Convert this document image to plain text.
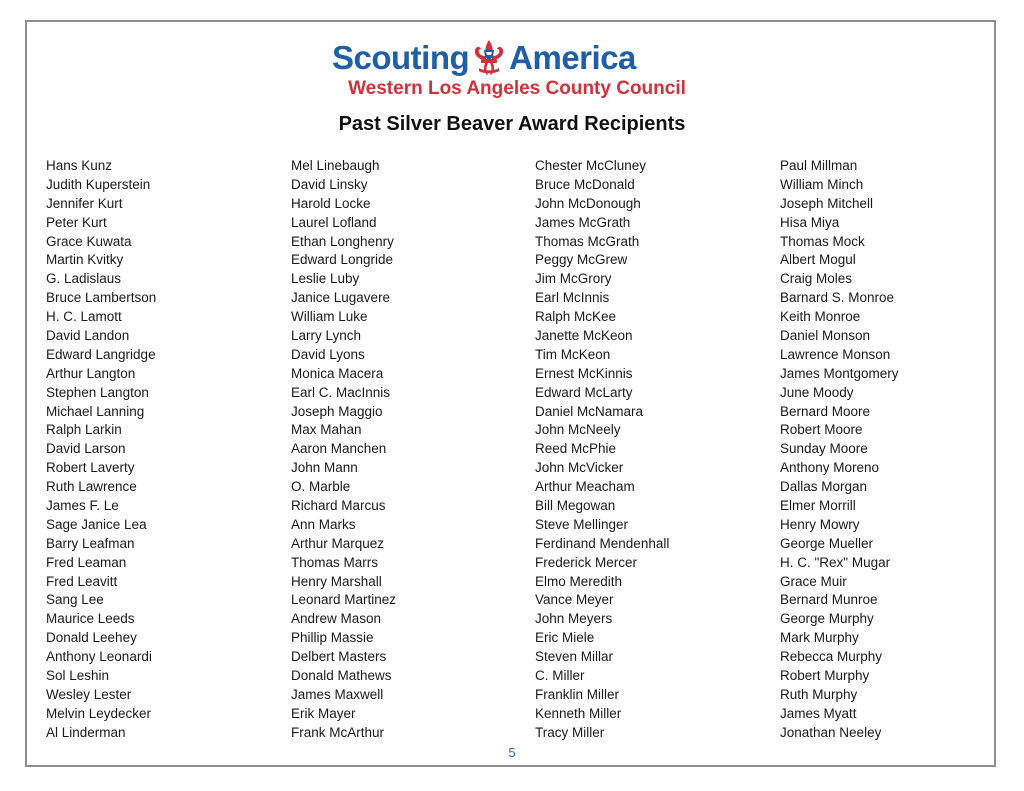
Scouting America .
Western Los Angeles County Council
Past Silver Beaver Award Recipients
Hans Kunz
Judith Kuperstein
Jennifer Kurt
Peter Kurt
Grace Kuwata
Martin Kvitky
G. Ladislaus
Bruce Lambertson
H. C. Lamott
David Landon
Edward Langridge
Arthur Langton
Stephen Langton
Michael Lanning
Ralph Larkin
David Larson
Robert Laverty
Ruth Lawrence
James F. Le
Sage Janice Lea
Barry Leafman
Fred Leaman
Fred Leavitt
Sang Lee
Maurice Leeds
Donald Leehey
Anthony Leonardi
Sol Leshin
Wesley Lester
Melvin Leydecker
Al Linderman
Mel Linebaugh
David Linsky
Harold Locke
Laurel Lofland
Ethan Longhenry
Edward Longride
Leslie Luby
Janice Lugavere
William Luke
Larry Lynch
David Lyons
Monica Macera
Earl C. MacInnis
Joseph Maggio
Max Mahan
Aaron Manchen
John Mann
O. Marble
Richard Marcus
Ann Marks
Arthur Marquez
Thomas Marrs
Henry Marshall
Leonard Martinez
Andrew Mason
Phillip Massie
Delbert Masters
Donald Mathews
James Maxwell
Erik Mayer
Frank McArthur
Chester McCluney
Bruce McDonald
John McDonough
James McGrath
Thomas McGrath
Peggy McGrew
Jim McGrory
Earl McInnis
Ralph McKee
Janette McKeon
Tim McKeon
Ernest McKinnis
Edward McLarty
Daniel McNamara
John McNeely
Reed McPhie
John McVicker
Arthur Meacham
Bill Megowan
Steve Mellinger
Ferdinand Mendenhall
Frederick Mercer
Elmo Meredith
Vance Meyer
John Meyers
Eric Miele
Steven Millar
C. Miller
Franklin Miller
Kenneth Miller
Tracy Miller
Paul Millman
William Minch
Joseph Mitchell
Hisa Miya
Thomas Mock
Albert Mogul
Craig Moles
Barnard S. Monroe
Keith Monroe
Daniel Monson
Lawrence Monson
James Montgomery
June Moody
Bernard Moore
Robert Moore
Sunday Moore
Anthony Moreno
Dallas Morgan
Elmer Morrill
Henry Mowry
George Mueller
H. C. "Rex" Mugar
Grace Muir
Bernard Munroe
George Murphy
Mark Murphy
Rebecca Murphy
Robert Murphy
Ruth Murphy
James Myatt
Jonathan Neeley
5
